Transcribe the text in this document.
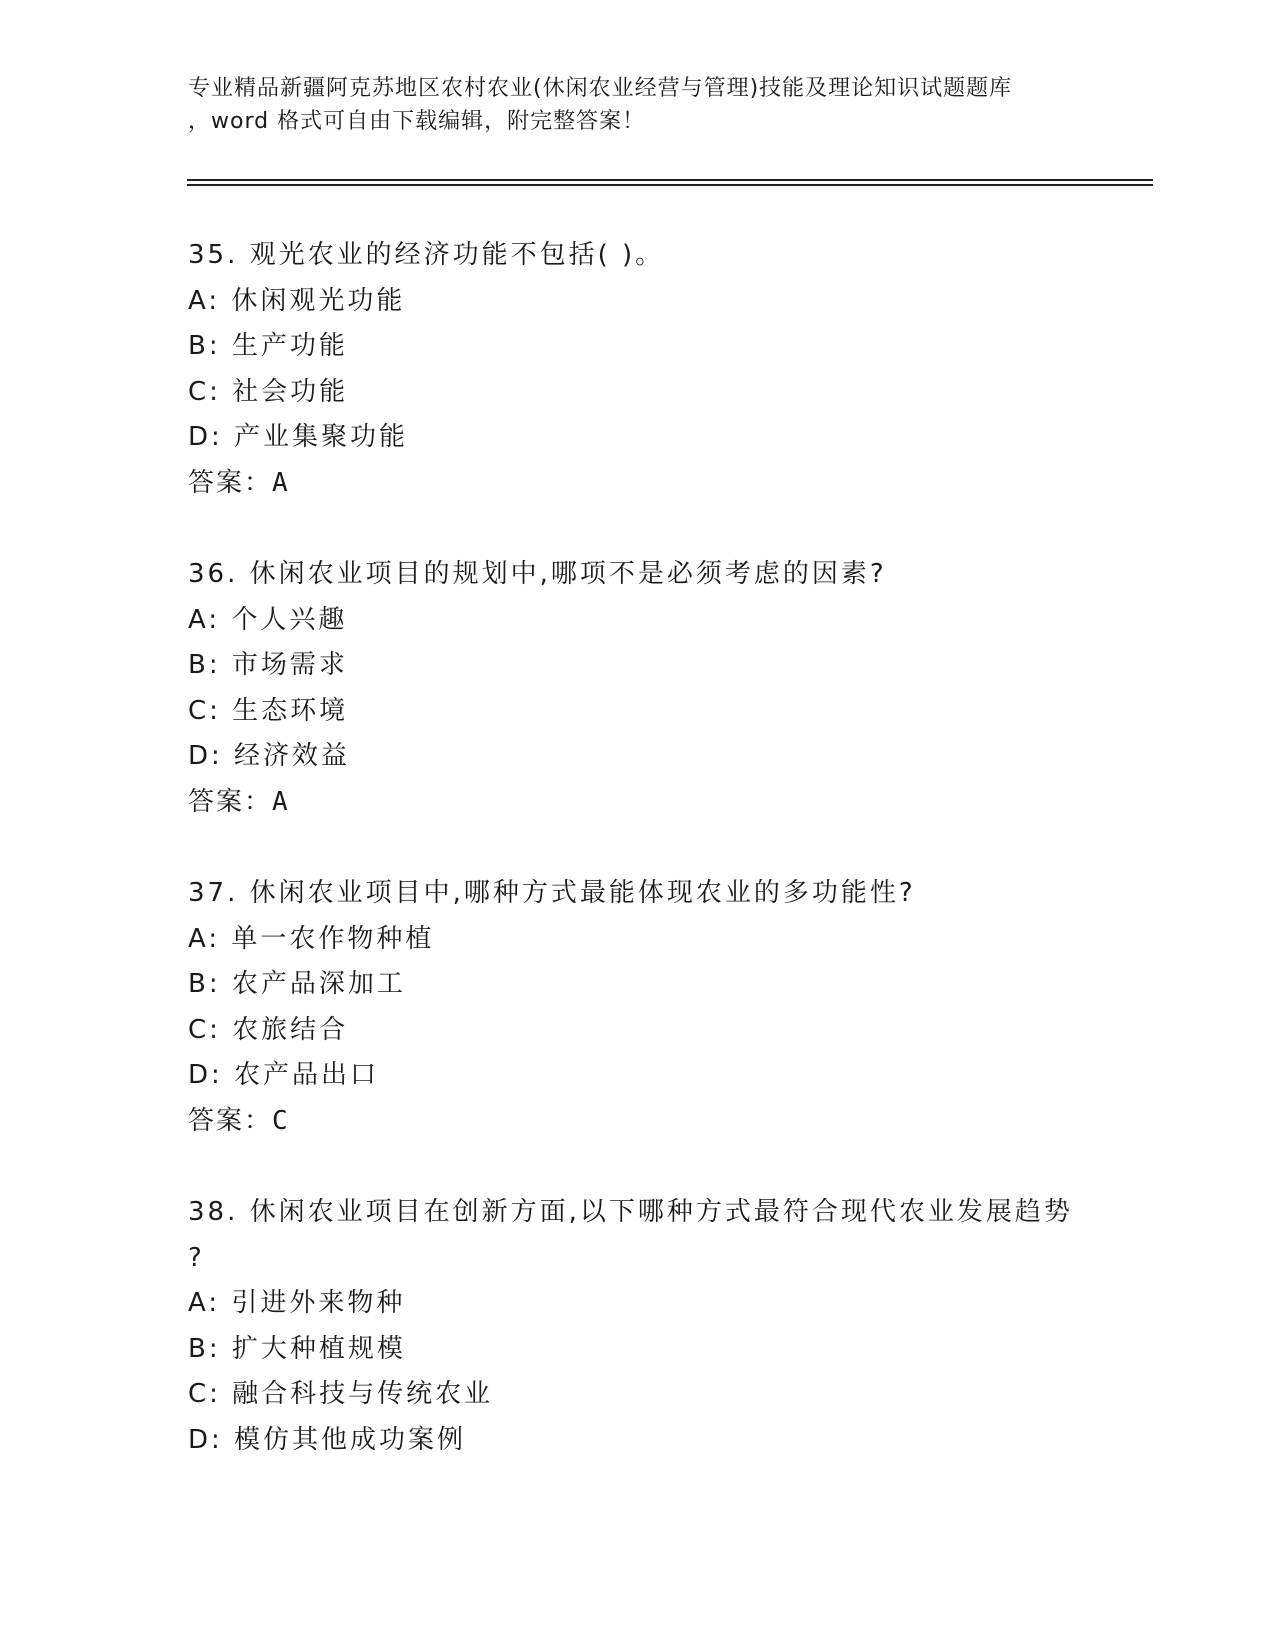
专业精品新疆阿克苏地区农村农业(休闲农业经营与管理)技能及理论知识试题题库
，word 格式可自由下载编辑，附完整答案！
35. 观光农业的经济功能不包括( )。
A: 休闲观光功能
B: 生产功能
C: 社会功能
D: 产业集聚功能
答案：A
36. 休闲农业项目的规划中,哪项不是必须考虑的因素?
A: 个人兴趣
B: 市场需求
C: 生态环境
D: 经济效益
答案：A
37. 休闲农业项目中,哪种方式最能体现农业的多功能性?
A: 单一农作物种植
B: 农产品深加工
C: 农旅结合
D: 农产品出口
答案：C
38. 休闲农业项目在创新方面,以下哪种方式最符合现代农业发展趋势
?
A: 引进外来物种
B: 扩大种植规模
C: 融合科技与传统农业
D: 模仿其他成功案例
